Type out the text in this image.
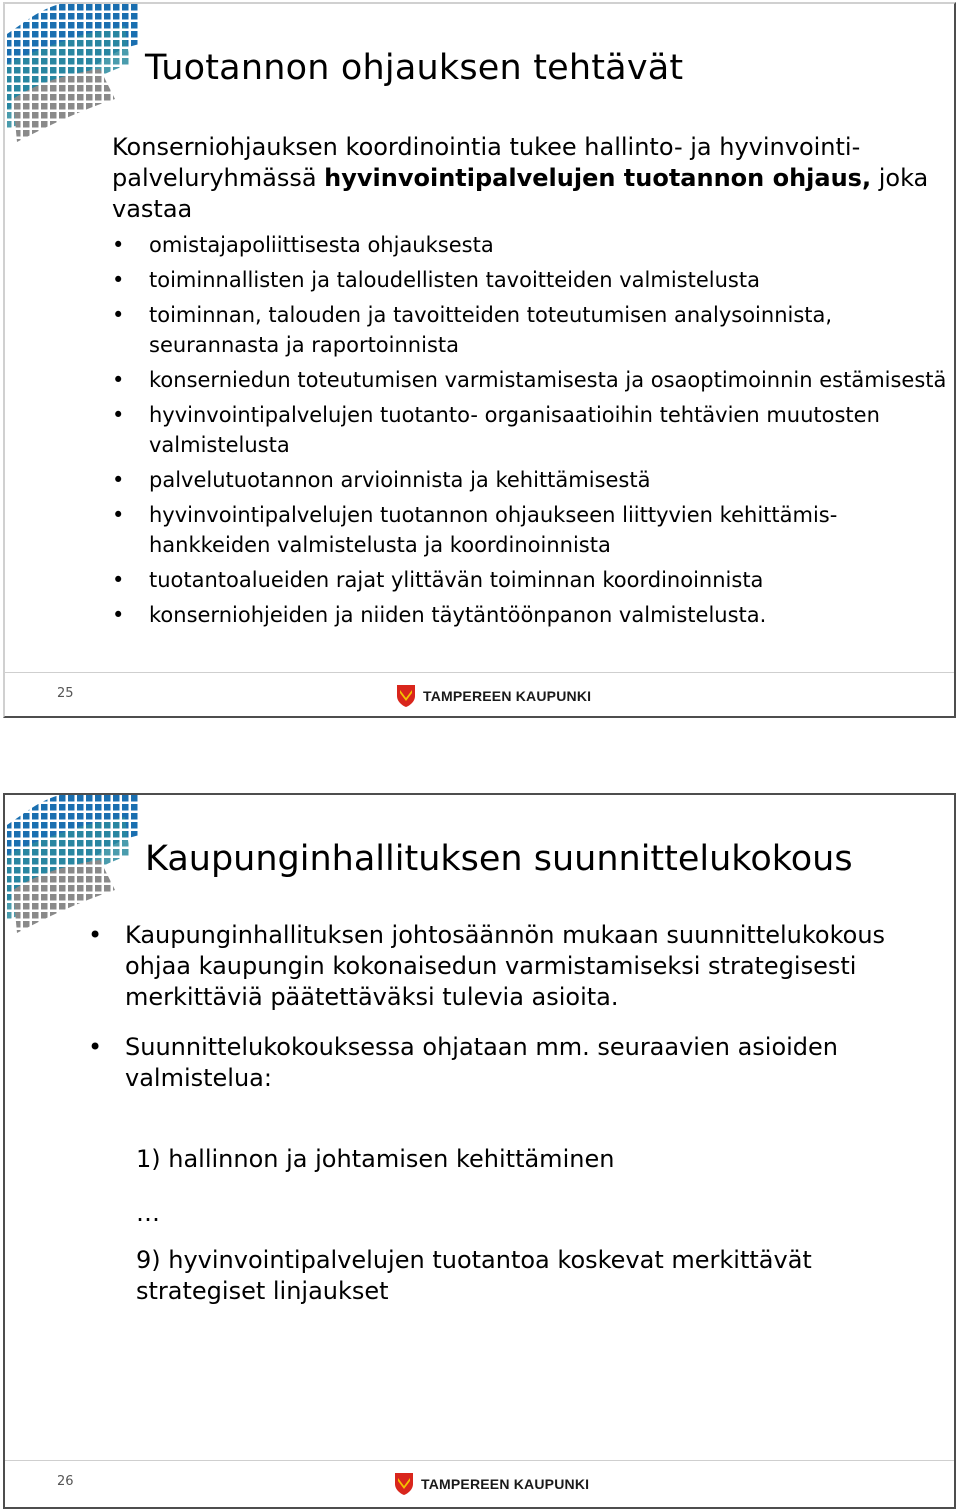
Tuotannon ohjauksen tehtävät

Konserniohjauksen koordinointia tukee hallinto- ja hyvinvointi-palveluryhmässä hyvinvointipalvelujen tuotannon ohjaus, joka vastaa

• omistajapoliittisesta ohjauksesta
• toiminnallisten ja taloudellisten tavoitteiden valmistelusta
• toiminnan, talouden ja tavoitteiden toteutumisen analysoinnista, seurannasta ja raportoinnista
• konserniedun toteutumisen varmistamisesta ja osaoptimoinnin estämisestä
• hyvinvointipalvelujen tuotanto- organisaatioihin tehtävien muutosten valmistelusta
• palvelutuotannon arvioinnista ja kehittämisestä
• hyvinvointipalvelujen tuotannon ohjaukseen liittyvien kehittämis-hankkeiden valmistelusta ja koordinoinnista
• tuotantoalueiden rajat ylittävän toiminnan koordinoinnista
• konserniohjeiden ja niiden täytäntöönpanon valmistelusta.
25	TAMPEREEN KAUPUNKI
Kaupunginhallituksen suunnittelukokous
• Kaupunginhallituksen johtosäännön mukaan suunnittelukokous ohjaa kaupungin kokonaisedun varmistamiseksi strategisesti merkittäviä päätettäväksi tulevia asioita.
• Suunnittelukokouksessa ohjataan mm. seuraavien asioiden valmistelua:

1) hallinnon ja johtamisen kehittäminen

…

9) hyvinvointipalvelujen tuotantoa koskevat merkittävät strategiset linjaukset

26	TAMPEREEN KAUPUNKI
